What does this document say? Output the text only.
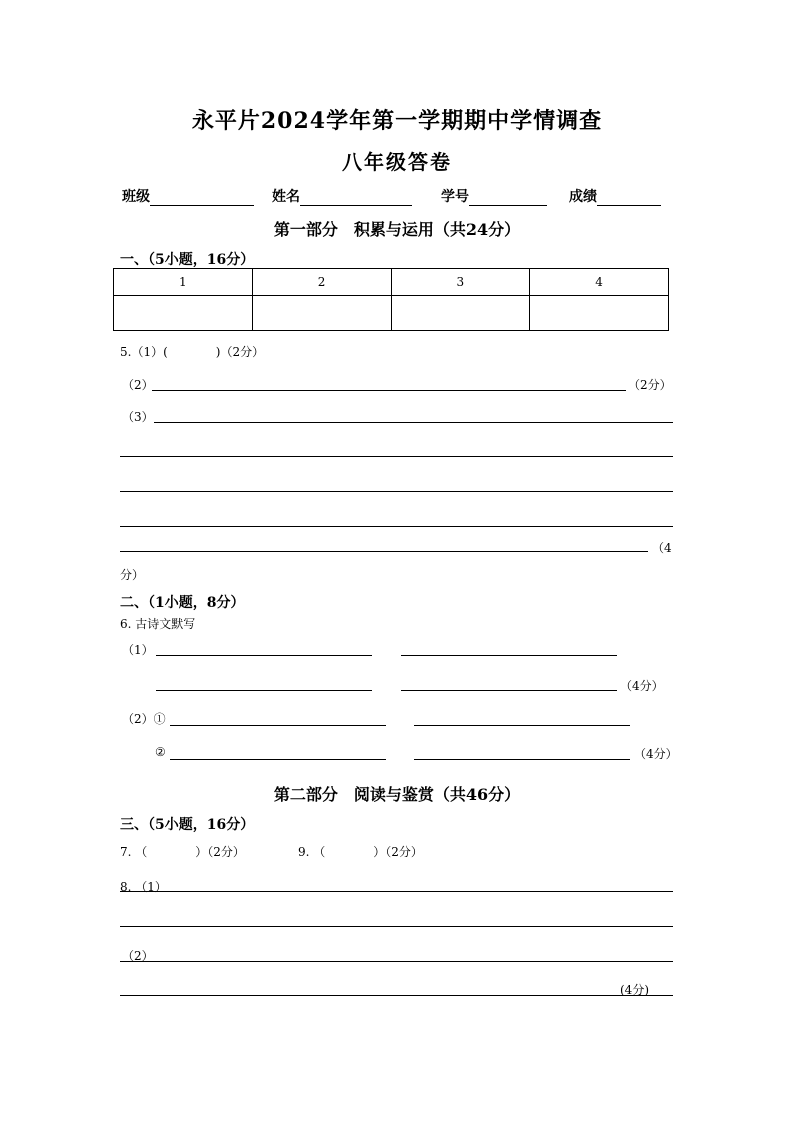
永平片2024学年第一学期期中学情调查
八年级答卷
班级	姓名	学号	成绩
第一部分　积累与运用（共24分）
一、（5小题，16分）
1	2	3	4

5.（1）(　　　　)（2分）
（2）	（2分）
（3）
（4
分）
二、（1小题，8分）
6. 古诗文默写
（1）
（4分）
（2）①
②	（4分）
第二部分　阅读与鉴赏（共46分）
三、（5小题，16分）
7. （　　　　）（2分）	9. （　　　　）（2分）
8. （1）
（2）
(4分)
